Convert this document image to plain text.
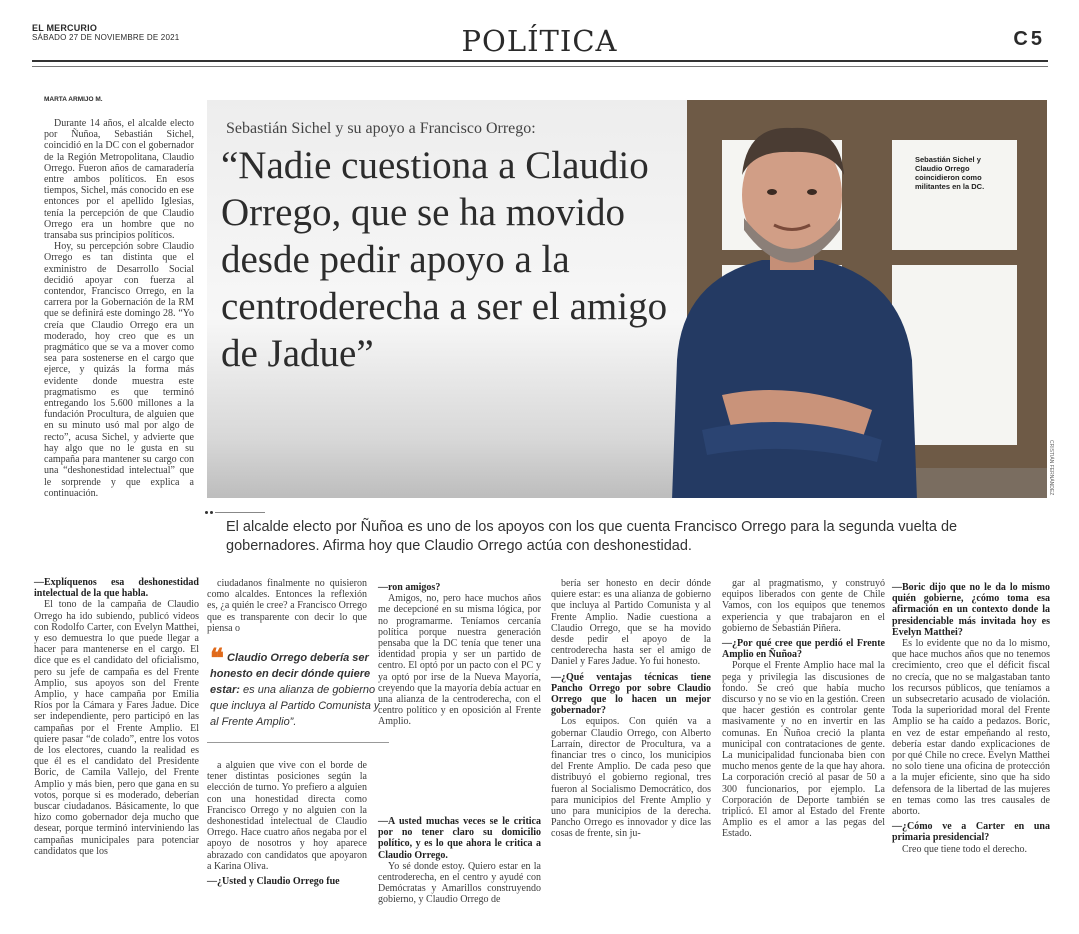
EL MERCURIO
SÁBADO 27 DE NOVIEMBRE DE 2021	POLÍTICA	C5
MARTA ARMIJO M.

Durante 14 años, el alcalde electo por Ñuñoa, Sebastián Sichel, coincidió en la DC con el gobernador de la Región Metropolitana, Claudio Orrego. Fueron años de camaradería entre ambos políticos. En esos tiempos, Sichel, más conocido en ese entonces por el apellido Iglesias, tenía la percepción de que Claudio Orrego era un hombre que no transaba sus principios políticos.

Hoy, su percepción sobre Claudio Orrego es tan distinta que el exministro de Desarrollo Social decidió apoyar con fuerza al contendor, Francisco Orrego, en la carrera por la Gobernación de la RM que se definirá este domingo 28. “Yo creía que Claudio Orrego era un moderado, hoy creo que es un pragmático que se va a mover como sea para sostenerse en el cargo que ejerce, y quizás la forma más evidente donde muestra este pragmatismo es que terminó entregando los 5.600 millones a la fundación Procultura, de alguien que en su minuto usó mal por algo de recto”, acusa Sichel, y advierte que hay algo que no le gusta en su campaña para mantener su cargo con una “deshonestidad intelectual” que le sorprende y que explica a continuación.

Sebastián Sichel y su apoyo a Francisco Orrego:
“Nadie cuestiona a Claudio Orrego, que se ha movido desde pedir apoyo a la centroderecha a ser el amigo de Jadue”
Sebastián Sichel y Claudio Orrego coincidieron como militantes en la DC.
CRISTIÁN FERNÁNDEZ
El alcalde electo por Ñuñoa es uno de los apoyos con los que cuenta Francisco Orrego para la segunda vuelta de gobernadores. Afirma hoy que Claudio Orrego actúa con deshonestidad.

— Explíquenos esa deshonestidad intelectual de la que habla.

El tono de la campaña de Claudio Orrego ha ido subiendo, publicó videos con Rodolfo Carter, con Evelyn Matthei, y eso demuestra lo que puede llegar a hacer para mantenerse en el cargo. El dice que es el candidato del oficialismo, pero su jefe de campaña es del Frente Amplio, sus apoyos son del Frente Amplio, y hace campaña por Emilia Ríos por la Cámara y Fares Jadue. Dice ser independiente, pero participó en las campañas por el Frente Amplio. El quiere pasar “de colado”, entre los votos de los electores, cuando la realidad es que él es el candidato del Presidente Boric, de Camila Vallejo, del Frente Amplio y más bien, pero que gana en su votos, porque si es moderado, deberían buscar ciudadanos. Básicamente, lo que hizo como gobernador deja mucho que desear, porque terminó interviniendo las campañas municipales para potenciar candidatos que los

ciudadanos finalmente no quisieron como alcaldes. Entonces la reflexión es, ¿a quién le cree? a Francisco Orrego que es transparente con decir lo que piensa o

❝ Claudio Orrego debería ser honesto en decir dónde quiere estar: es una alianza de gobierno que incluya al Partido Comunista y al Frente Amplio”.

a alguien que vive con el borde de tener distintas posiciones según la elección de turno. Yo prefiero a alguien con una honestidad directa como Francisco Orrego y no alguien con la deshonestidad intelectual de Claudio Orrego. Hace cuatro años negaba por el apoyo de nosotros y hoy aparece abrazado con candidatos que apoyaron a Karina Oliva.

— ¿Usted y Claudio Orrego fue

— ron amigos?

Amigos, no, pero hace muchos años me decepcioné en su misma lógica, por no programarme. Teníamos cercanía política porque nuestra generación pensaba que la DC tenía que tener una identidad propia y ser un partido de centro. El optó por un pacto con el PC y ya optó por irse de la Nueva Mayoría, creyendo que la mayoría debía actuar en una alianza de la centroderecha, con el centro político y en oposición al Frente Amplio.

— A usted muchas veces se le critica por no tener claro su domicilio político, y es lo que ahora le critica a Claudio Orrego.

Yo sé donde estoy. Quiero estar en la centroderecha, en el centro y ayudé con Demócratas y Amarillos construyendo gobierno, y Claudio Orrego de

bería ser honesto en decir dónde quiere estar: es una alianza de gobierno que incluya al Partido Comunista y al Frente Amplio. Nadie cuestiona a Claudio Orrego, que se ha movido desde pedir el apoyo de la centroderecha hasta ser el amigo de Daniel y Fares Jadue. Yo fui honesto.

— ¿Qué ventajas técnicas tiene Pancho Orrego por sobre Claudio Orrego que lo hacen un mejor gobernador?

Los equipos. Con quién va a gobernar Claudio Orrego, con Alberto Larraín, director de Procultura, va a financiar tres o cinco, los municipios del Frente Amplio. De cada peso que distribuyó el gobierno regional, tres fueron al Socialismo Democrático, dos para municipios del Frente Amplio y uno para municipios de la derecha. Pancho Orrego es innovador y dice las cosas de frente, sin ju-

gar al pragmatismo, y construyó equipos liberados con gente de Chile Vamos, con los equipos que tenemos experiencia y que trabajaron en el gobierno de Sebastián Piñera.

— ¿Por qué cree que perdió el Frente Amplio en Ñuñoa?

Porque el Frente Amplio hace mal la pega y privilegia las discusiones de fondo. Se creó que había mucho discurso y no se vio en la gestión. Creen que hacer gestión es controlar gente masivamente y no en invertir en las comunas. En Ñuñoa creció la planta municipal con contrataciones de gente. La municipalidad funcionaba bien con mucho menos gente de la que hay ahora. La corporación creció al pasar de 50 a 300 funcionarios, por ejemplo. La Corporación de Deporte también se triplicó. El amor al Estado del Frente Amplio es el amor a las pegas del Estado.

— Boric dijo que no le da lo mismo quién gobierne, ¿cómo toma esa afirmación en un contexto donde la presidenciable más invitada hoy es Evelyn Matthei?

Es lo evidente que no da lo mismo, que hace muchos años que no tenemos crecimiento, creo que el déficit fiscal no crecía, que no se malgastaban tanto los recursos públicos, que teníamos a un subsecretario acusado de violación. Toda la superioridad moral del Frente Amplio se ha caído a pedazos. Boric, en vez de estar empeñando al resto, debería estar dando explicaciones de por qué Chile no crece. Evelyn Matthei no solo tiene una oficina de protección a la mujer eficiente, sino que ha sido defensora de la libertad de las mujeres en temas como las tres causales de aborto.

— ¿Cómo ve a Carter en una primaria presidencial?

Creo que tiene todo el derecho.
